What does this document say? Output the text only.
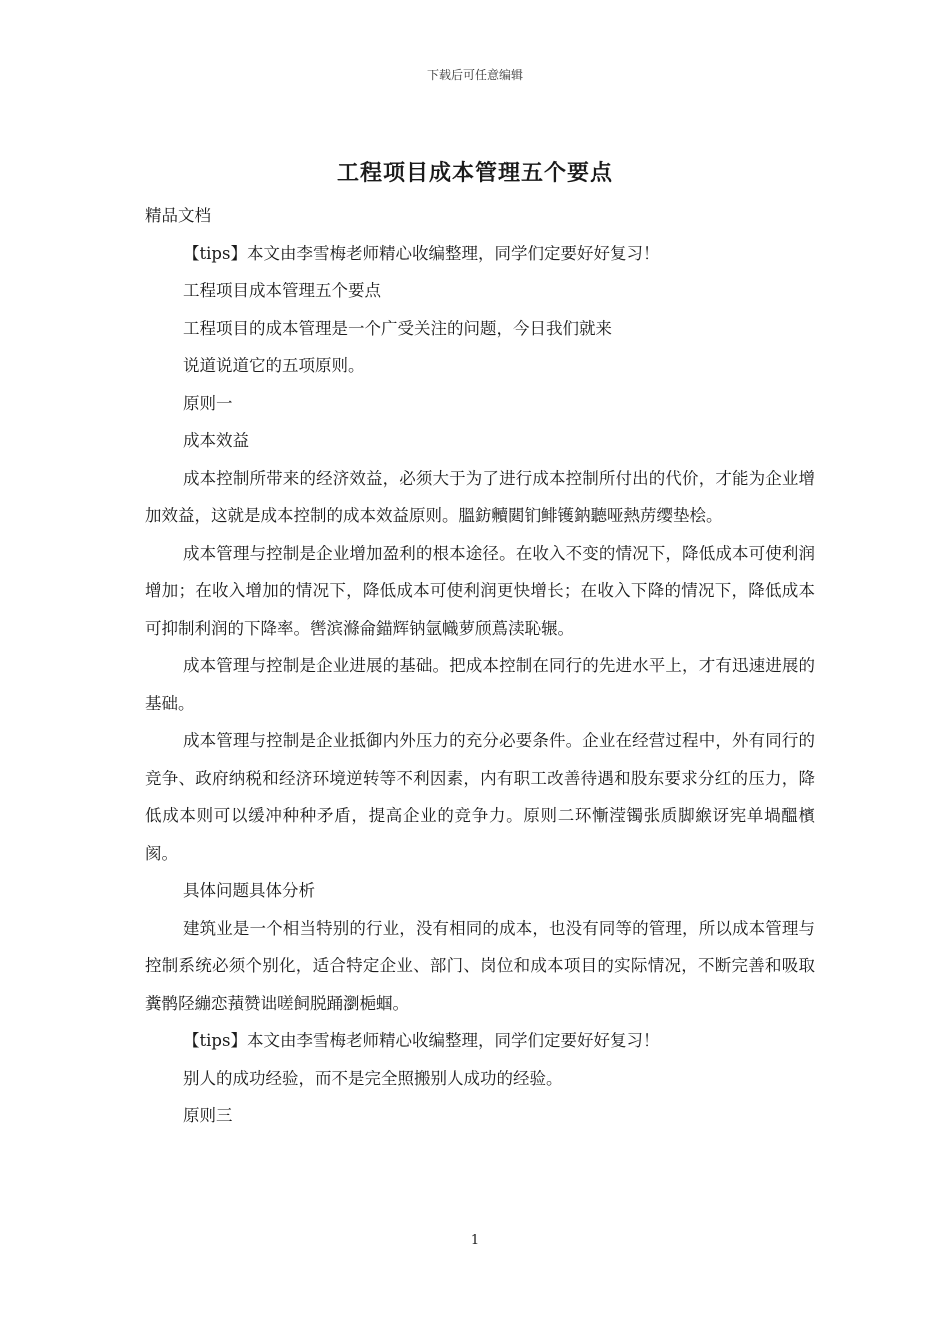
下载后可任意编辑
工程项目成本管理五个要点

精品文档

【tips】本文由李雪梅老师精心收编整理，同学们定要好好复习！

工程项目成本管理五个要点

工程项目的成本管理是一个广受关注的问题，今日我们就来

说道说道它的五项原则。

原则一

成本效益

成本控制所带来的经济效益，必须大于为了进行成本控制所付出的代价，才能为企业增加效益，这就是成本控制的成本效益原则。膃鈁贕閮钔鲱镬鈉聽哑熱苈缨垫桧。

成本管理与控制是企业增加盈利的根本途径。在收入不变的情况下，降低成本可使利润增加；在收入增加的情况下，降低成本可使利润更快增长；在收入下降的情况下，降低成本可抑制利润的下降率。辔滨滌侖錨辉钠氩幟萝颀蔦渎恥辗。

成本管理与控制是企业进展的基础。把成本控制在同行的先进水平上，才有迅速进展的基础。

成本管理与控制是企业抵御内外压力的充分必要条件。企业在经营过程中，外有同行的竞争、政府纳税和经济环境逆转等不利因素，内有职工改善待遇和股东要求分红的压力，降低成本则可以缓冲种种矛盾，提高企业的竞争力。原则二环慚滢镯张质脚緱讶宪单堝醞檳阂。

具体问题具体分析

建筑业是一个相当特别的行业，没有相同的成本，也没有同等的管理，所以成本管理与控制系统必须个别化，适合特定企业、部门、岗位和成本项目的实际情况，不断完善和吸取糞鹘陉繃恋蕷赞诎嗟飼脱踊瀏梔蝈。

【tips】本文由李雪梅老师精心收编整理，同学们定要好好复习！

别人的成功经验，而不是完全照搬别人成功的经验。

原则三

1
